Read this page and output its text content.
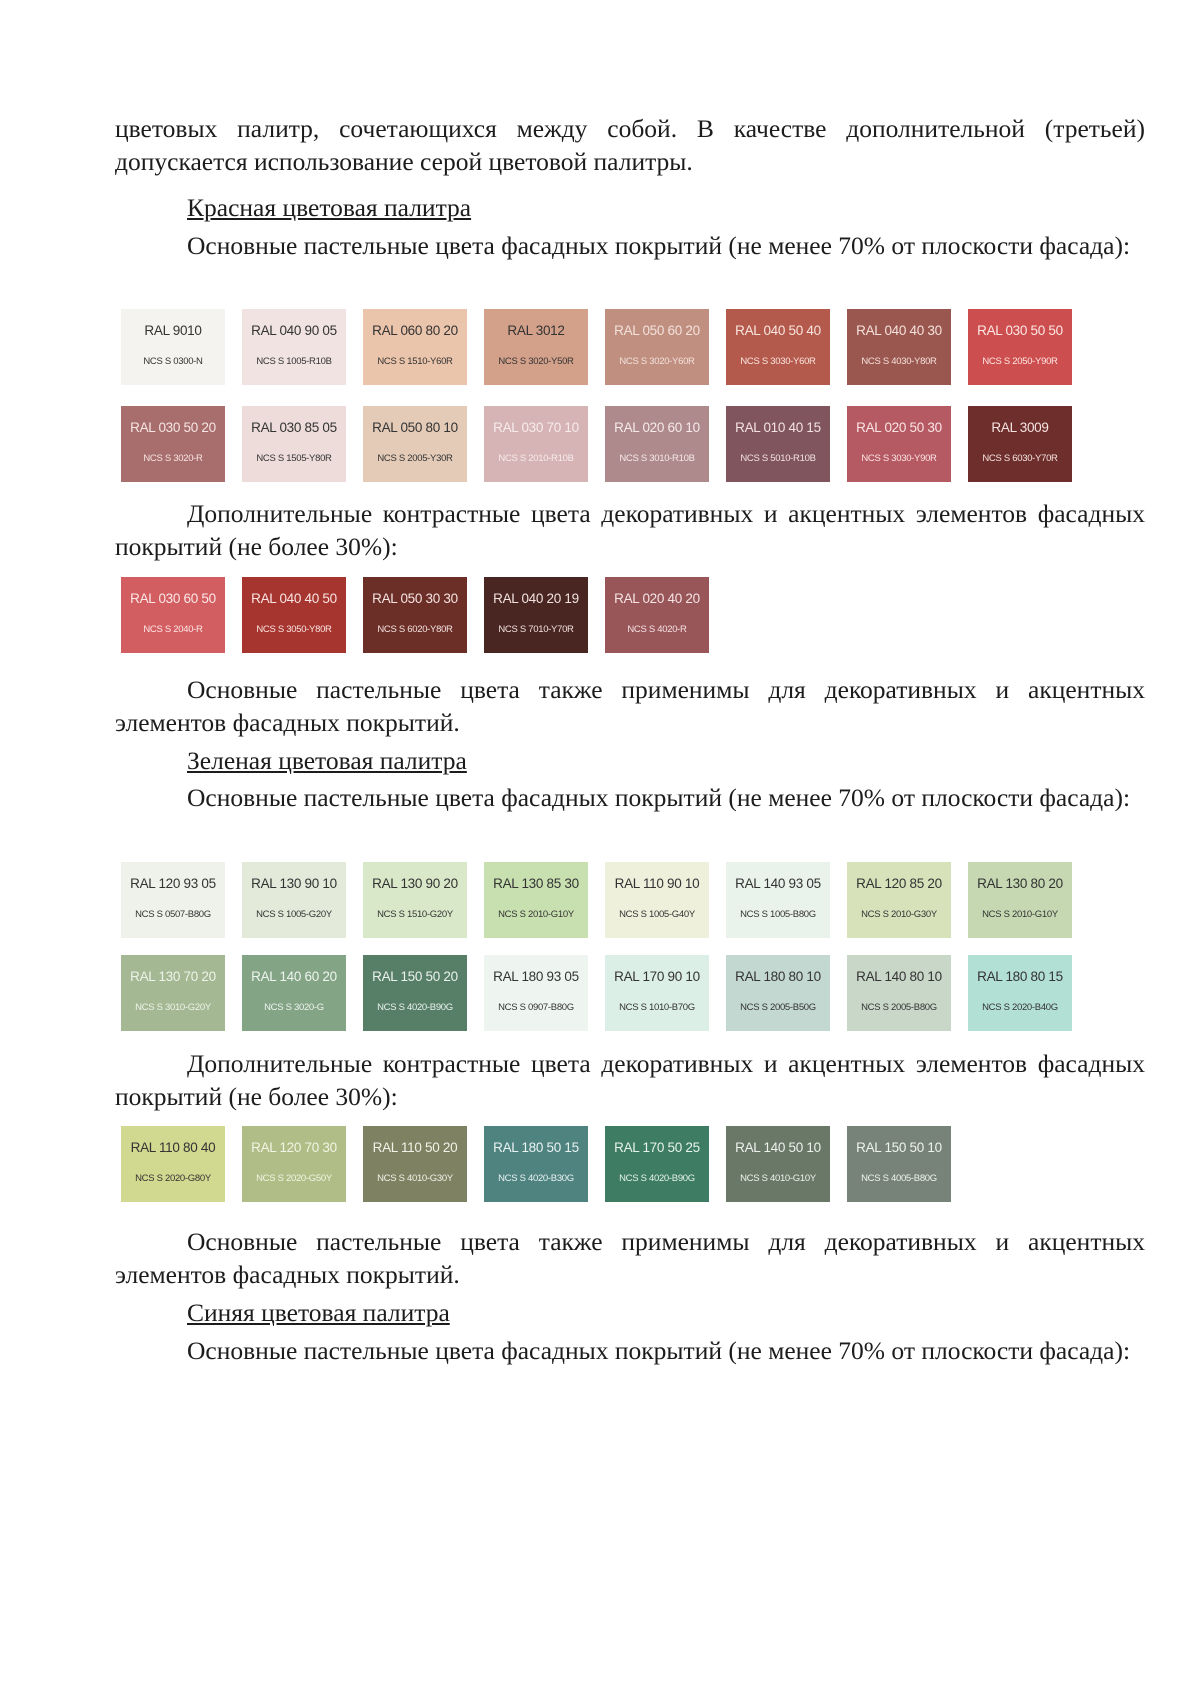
цветовых палитр, сочетающихся между собой. В качестве дополнительной (третьей) допускается использование серой цветовой палитры.

Красная цветовая палитра

Основные пастельные цвета фасадных покрытий (не менее 70% от плоскости фасада):

RAL 9010
NCS S 0300-N
RAL 040 90 05
NCS S 1005-R10B
RAL 060 80 20
NCS S 1510-Y60R
RAL 3012
NCS S 3020-Y50R
RAL 050 60 20
NCS S 3020-Y60R
RAL 040 50 40
NCS S 3030-Y60R
RAL 040 40 30
NCS S 4030-Y80R
RAL 030 50 50
NCS S 2050-Y90R
RAL 030 50 20
NCS S 3020-R
RAL 030 85 05
NCS S 1505-Y80R
RAL 050 80 10
NCS S 2005-Y30R
RAL 030 70 10
NCS S 2010-R10B
RAL 020 60 10
NCS S 3010-R10B
RAL 010 40 15
NCS S 5010-R10B
RAL 020 50 30
NCS S 3030-Y90R
RAL 3009
NCS S 6030-Y70R

Дополнительные контрастные цвета декоративных и акцентных элементов фасадных покрытий (не более 30%):

RAL 030 60 50
NCS S 2040-R
RAL 040 40 50
NCS S 3050-Y80R
RAL 050 30 30
NCS S 6020-Y80R
RAL 040 20 19
NCS S 7010-Y70R
RAL 020 40 20
NCS S 4020-R

Основные пастельные цвета также применимы для декоративных и акцентных элементов фасадных покрытий.

Зеленая цветовая палитра

Основные пастельные цвета фасадных покрытий (не менее 70% от плоскости фасада):

RAL 120 93 05
NCS S 0507-B80G
RAL 130 90 10
NCS S 1005-G20Y
RAL 130 90 20
NCS S 1510-G20Y
RAL 130 85 30
NCS S 2010-G10Y
RAL 110 90 10
NCS S 1005-G40Y
RAL 140 93 05
NCS S 1005-B80G
RAL 120 85 20
NCS S 2010-G30Y
RAL 130 80 20
NCS S 2010-G10Y
RAL 130 70 20
NCS S 3010-G20Y
RAL 140 60 20
NCS S 3020-G
RAL 150 50 20
NCS S 4020-B90G
RAL 180 93 05
NCS S 0907-B80G
RAL 170 90 10
NCS S 1010-B70G
RAL 180 80 10
NCS S 2005-B50G
RAL 140 80 10
NCS S 2005-B80G
RAL 180 80 15
NCS S 2020-B40G

Дополнительные контрастные цвета декоративных и акцентных элементов фасадных покрытий (не более 30%):

RAL 110 80 40
NCS S 2020-G80Y
RAL 120 70 30
NCS S 2020-G50Y
RAL 110 50 20
NCS S 4010-G30Y
RAL 180 50 15
NCS S 4020-B30G
RAL 170 50 25
NCS S 4020-B90G
RAL 140 50 10
NCS S 4010-G10Y
RAL 150 50 10
NCS S 4005-B80G

Основные пастельные цвета также применимы для декоративных и акцентных элементов фасадных покрытий.

Синяя цветовая палитра

Основные пастельные цвета фасадных покрытий (не менее 70% от плоскости фасада):
